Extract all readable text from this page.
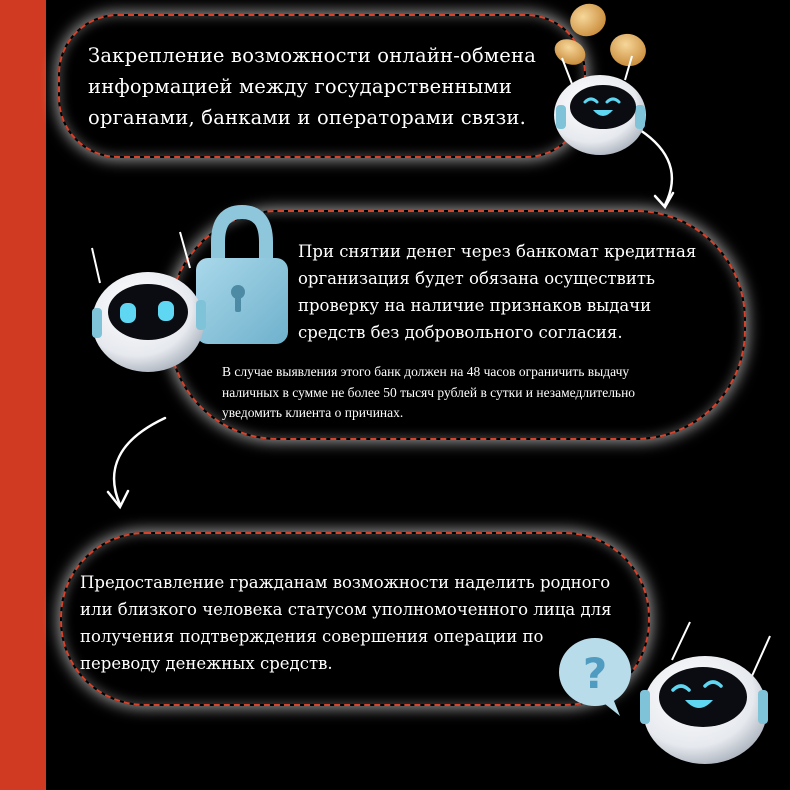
?
Закрепление возможности онлайн-обмена
информацией между государственными
органами, банками и операторами связи.
При снятии денег через банкомат кредитная
организация будет обязана осуществить
проверку на наличие признаков выдачи
средств без добровольного согласия.
В случае выявления этого банк должен на 48 часов ограничить выдачу
наличных в сумме не более 50 тысяч рублей в сутки и незамедлительно
уведомить клиента о причинах.
Предоставление гражданам возможности наделить родного
или близкого человека статусом уполномоченного лица для
получения подтверждения совершения операции по
переводу денежных средств.
